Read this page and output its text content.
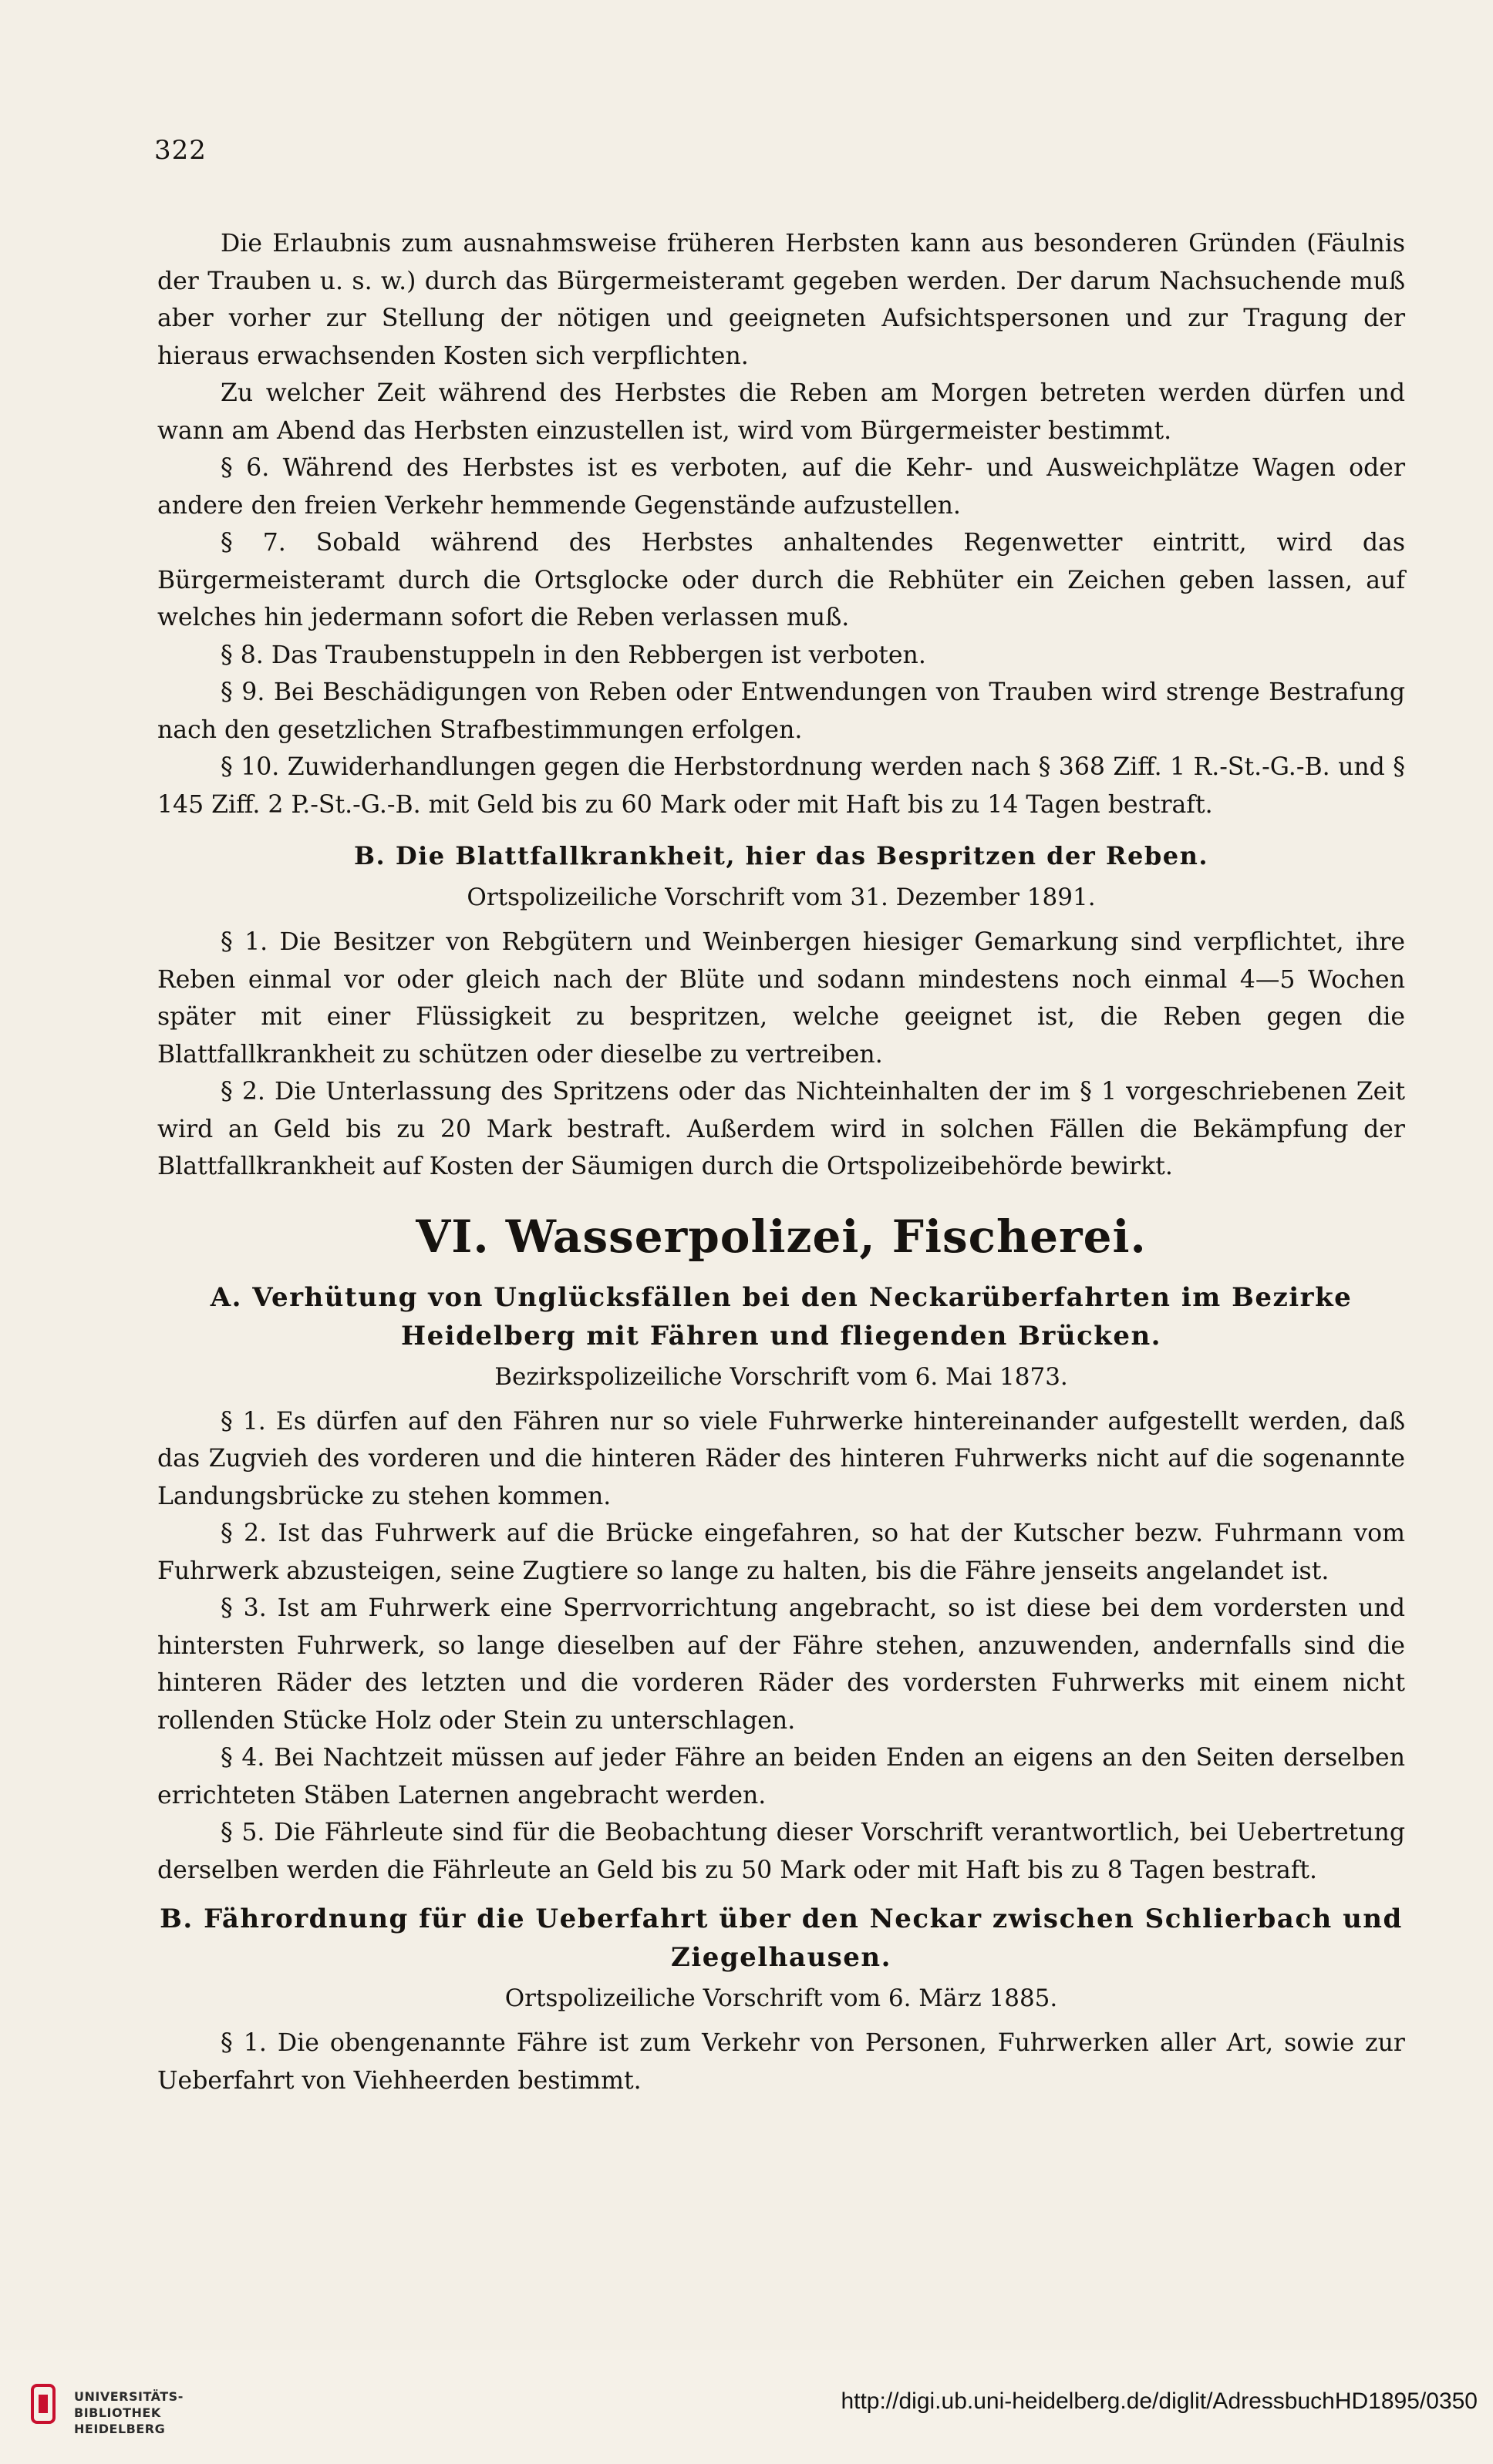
322

Die Erlaubnis zum ausnahmsweise früheren Herbsten kann aus besonderen Gründen (Fäulnis der Trauben u. s. w.) durch das Bürgermeisteramt gegeben werden. Der darum Nachsuchende muß aber vorher zur Stellung der nötigen und geeigneten Aufsichtspersonen und zur Tragung der hieraus erwachsenden Kosten sich verpflichten.

Zu welcher Zeit während des Herbstes die Reben am Morgen betreten werden dürfen und wann am Abend das Herbsten einzustellen ist, wird vom Bürgermeister bestimmt.

§ 6. Während des Herbstes ist es verboten, auf die Kehr- und Ausweichplätze Wagen oder andere den freien Verkehr hemmende Gegenstände aufzustellen.

§ 7. Sobald während des Herbstes anhaltendes Regenwetter eintritt, wird das Bürgermeisteramt durch die Ortsglocke oder durch die Rebhüter ein Zeichen geben lassen, auf welches hin jedermann sofort die Reben verlassen muß.

§ 8. Das Traubenstuppeln in den Rebbergen ist verboten.

§ 9. Bei Beschädigungen von Reben oder Entwendungen von Trauben wird strenge Bestrafung nach den gesetzlichen Strafbestimmungen erfolgen.

§ 10. Zuwiderhandlungen gegen die Herbstordnung werden nach § 368 Ziff. 1 R.-St.-G.-B. und § 145 Ziff. 2 P.-St.-G.-B. mit Geld bis zu 60 Mark oder mit Haft bis zu 14 Tagen bestraft.

B. Die Blattfallkrankheit, hier das Bespritzen der Reben.
Ortspolizeiliche Vorschrift vom 31. Dezember 1891.

§ 1. Die Besitzer von Rebgütern und Weinbergen hiesiger Gemarkung sind verpflichtet, ihre Reben einmal vor oder gleich nach der Blüte und sodann mindestens noch einmal 4—5 Wochen später mit einer Flüssigkeit zu bespritzen, welche geeignet ist, die Reben gegen die Blattfallkrankheit zu schützen oder dieselbe zu vertreiben.

§ 2. Die Unterlassung des Spritzens oder das Nichteinhalten der im § 1 vorgeschriebenen Zeit wird an Geld bis zu 20 Mark bestraft. Außerdem wird in solchen Fällen die Bekämpfung der Blattfallkrankheit auf Kosten der Säumigen durch die Ortspolizeibehörde bewirkt.

VI. Wasserpolizei, Fischerei.
A. Verhütung von Unglücksfällen bei den Neckarüberfahrten im Bezirke Heidelberg mit Fähren und fliegenden Brücken.
Bezirkspolizeiliche Vorschrift vom 6. Mai 1873.

§ 1. Es dürfen auf den Fähren nur so viele Fuhrwerke hintereinander aufgestellt werden, daß das Zugvieh des vorderen und die hinteren Räder des hinteren Fuhrwerks nicht auf die sogenannte Landungsbrücke zu stehen kommen.

§ 2. Ist das Fuhrwerk auf die Brücke eingefahren, so hat der Kutscher bezw. Fuhrmann vom Fuhrwerk abzusteigen, seine Zugtiere so lange zu halten, bis die Fähre jenseits angelandet ist.

§ 3. Ist am Fuhrwerk eine Sperrvorrichtung angebracht, so ist diese bei dem vordersten und hintersten Fuhrwerk, so lange dieselben auf der Fähre stehen, anzuwenden, andernfalls sind die hinteren Räder des letzten und die vorderen Räder des vordersten Fuhrwerks mit einem nicht rollenden Stücke Holz oder Stein zu unterschlagen.

§ 4. Bei Nachtzeit müssen auf jeder Fähre an beiden Enden an eigens an den Seiten derselben errichteten Stäben Laternen angebracht werden.

§ 5. Die Fährleute sind für die Beobachtung dieser Vorschrift verantwortlich, bei Uebertretung derselben werden die Fährleute an Geld bis zu 50 Mark oder mit Haft bis zu 8 Tagen bestraft.

B. Fährordnung für die Ueberfahrt über den Neckar zwischen Schlierbach und Ziegelhausen.
Ortspolizeiliche Vorschrift vom 6. März 1885.

§ 1. Die obengenannte Fähre ist zum Verkehr von Personen, Fuhrwerken aller Art, sowie zur Ueberfahrt von Viehheerden bestimmt.

UNIVERSITÄTS-
BIBLIOTHEK
HEIDELBERG
http://digi.ub.uni-heidelberg.de/diglit/AdressbuchHD1895/0350
